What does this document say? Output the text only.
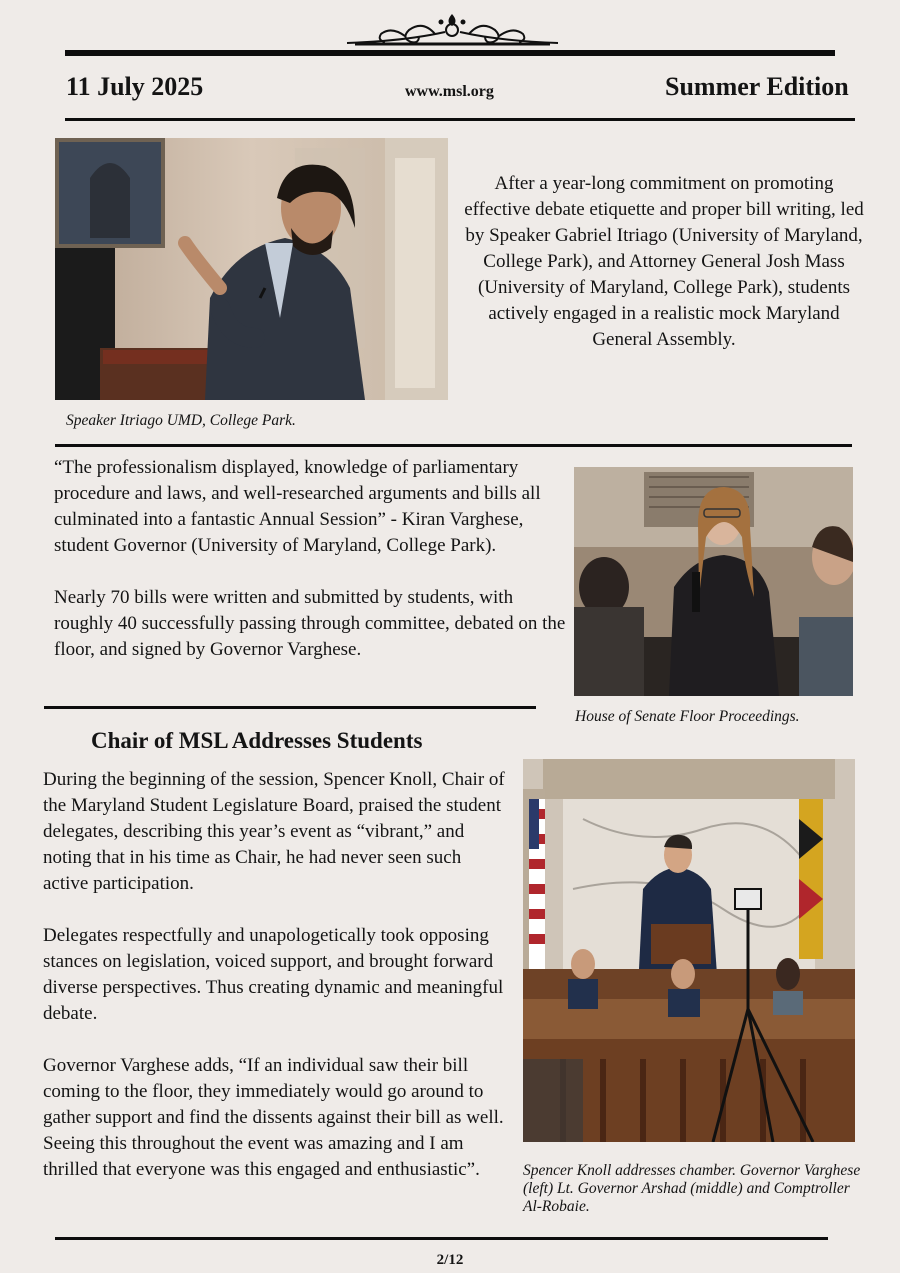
11 July 2025	www.msl.org	Summer Edition
Speaker Itriago UMD, College Park.
After a year-long commitment on promoting effective debate etiquette and proper bill writing, led by Speaker Gabriel Itriago (University of Maryland, College Park), and Attorney General Josh Mass (University of Maryland, College Park), students actively engaged in a realistic mock Maryland General Assembly.

“The professionalism displayed, knowledge of parliamentary procedure and laws, and well-researched arguments and bills all culminated into a fantastic Annual Session” - Kiran Varghese, student Governor (University of Maryland, College Park).

Nearly 70 bills were written and submitted by students, with roughly 40 successfully passing through committee, debated on the floor, and signed by Governor Varghese.

House of Senate Floor Proceedings.
Chair of MSL Addresses Students

During the beginning of the session, Spencer Knoll, Chair of the Maryland Student Legislature Board, praised the student delegates, describing this year’s event as “vibrant,” and noting that in his time as Chair, he had never seen such active participation.

Delegates respectfully and unapologetically took opposing stances on legislation, voiced support, and brought forward diverse perspectives. Thus creating dynamic and meaningful debate.

Governor Varghese adds, “If an individual saw their bill coming to the floor, they immediately would go around to gather support and find the dissents against their bill as well. Seeing this throughout the event was amazing and I am thrilled that everyone was this engaged and enthusiastic”.	Spencer Knoll addresses chamber. Governor Varghese (left) Lt. Governor Arshad (middle) and Comptroller Al-Robaie.
2/12
